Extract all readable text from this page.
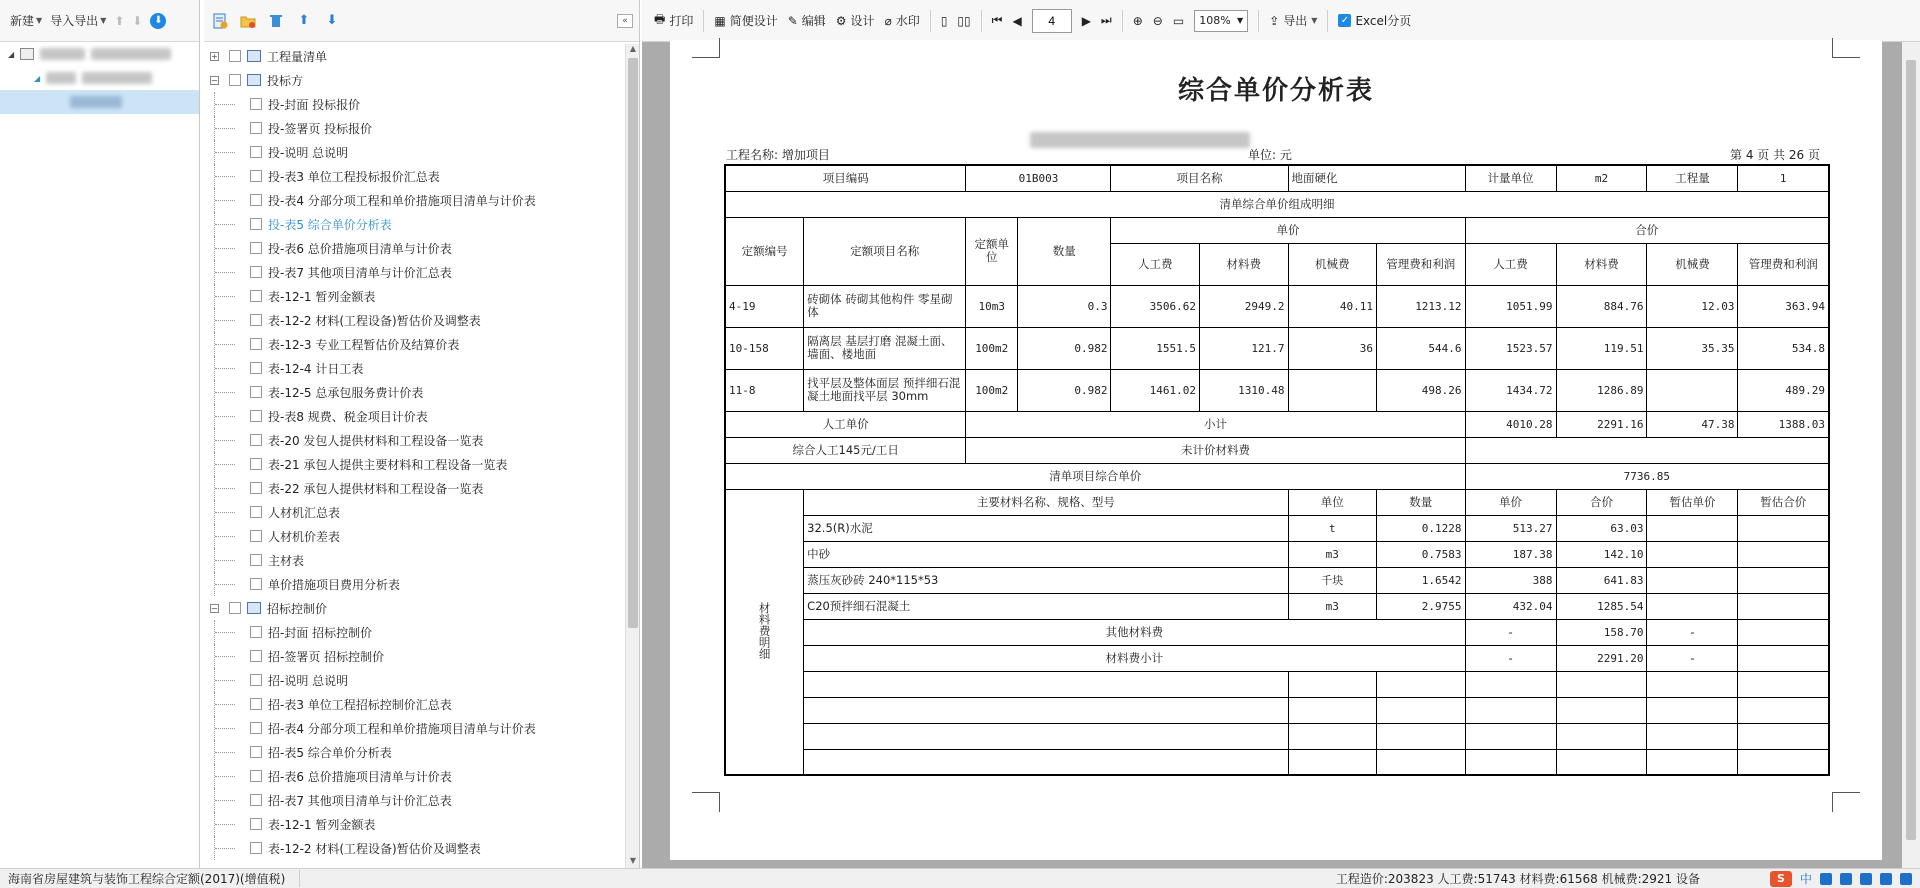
新建 ▼ 导入导出 ▼ ⬆ ⬇	⬇
◢
◢
⬆ ⬇	«
+	工程量清单
−	投标方
投-封面 投标报价
投-签署页 投标报价
投-说明 总说明
投-表3 单位工程投标报价汇总表
投-表4 分部分项工程和单价措施项目清单与计价表
投-表5 综合单价分析表
投-表6 总价措施项目清单与计价表
投-表7 其他项目清单与计价汇总表
表-12-1 暂列金额表
表-12-2 材料(工程设备)暂估价及调整表
表-12-3 专业工程暂估价及结算价表
表-12-4 计日工表
表-12-5 总承包服务费计价表
投-表8 规费、税金项目计价表
表-20 发包人提供材料和工程设备一览表
表-21 承包人提供主要材料和工程设备一览表
表-22 承包人提供材料和工程设备一览表
人材机汇总表
人材机价差表
主材表
单价措施项目费用分析表
−	招标控制价
招-封面 招标控制价
招-签署页 招标控制价
招-说明 总说明
招-表3 单位工程招标控制价汇总表
招-表4 分部分项工程和单价措施项目清单与计价表
招-表5 综合单价分析表
招-表6 总价措施项目清单与计价表
招-表7 其他项目清单与计价汇总表
表-12-1 暂列金额表
表-12-2 材料(工程设备)暂估价及调整表
▲
▼
🖶 打印 ▦ 简便设计 ✎ 编辑 ⚙ 设计 ⌀ 水印 ▯ ▯▯ ⏮ ◀
4	▶ ⏭ ⊕ ⊖ ▭ 108% ▼ ⇪ 导出 ▼ ✓ Excel分页
综合单价分析表
工程名称: 增加项目	单位: 元	第 4 页 共 26 页
项目编码		01B003		项目名称		地面硬化		计量单位	m2	工程量	1
清单综合单价组成明细											
定额编号	定额项目名称	定额单位	数量	单价				合价			
				人工费	材料费	机械费	管理费和利润	人工费	材料费	机械费	管理费和利润
4-19	砖砌体 砖砌其他构件 零星砌体	10m3	0.3	3506.62	2949.2	40.11	1213.12	1051.99	884.76	12.03	363.94
10-158	隔离层 基层打磨 混凝土面、墙面、楼地面	100m2	0.982	1551.5	121.7	36	544.6	1523.57	119.51	35.35	534.8
11-8	找平层及整体面层 预拌细石混凝土地面找平层 30mm	100m2	0.982	1461.02	1310.48		498.26	1434.72	1286.89		489.29
人工单价		小计						4010.28	2291.16	47.38	1388.03
综合人工145元/工日		未计价材料费									
清单项目综合单价								7736.85			
材料费明细	主要材料名称、规格、型号					单位	数量	单价	合价	暂估单价	暂估合价
	32.5(R)水泥					t	0.1228	513.27	63.03		
	中砂					m3	0.7583	187.38	142.10		
	蒸压灰砂砖 240*115*53					千块	1.6542	388	641.83		
	C20预拌细石混凝土					m3	2.9755	432.04	1285.54		
	其他材料费							-	158.70	-	
	材料费小计							-	2291.20	-	

海南省房屋建筑与装饰工程综合定额(2017)(增值税)	工程造价:203823 人工费:51743 材料费:61568 机械费:2921 设备	S	中
